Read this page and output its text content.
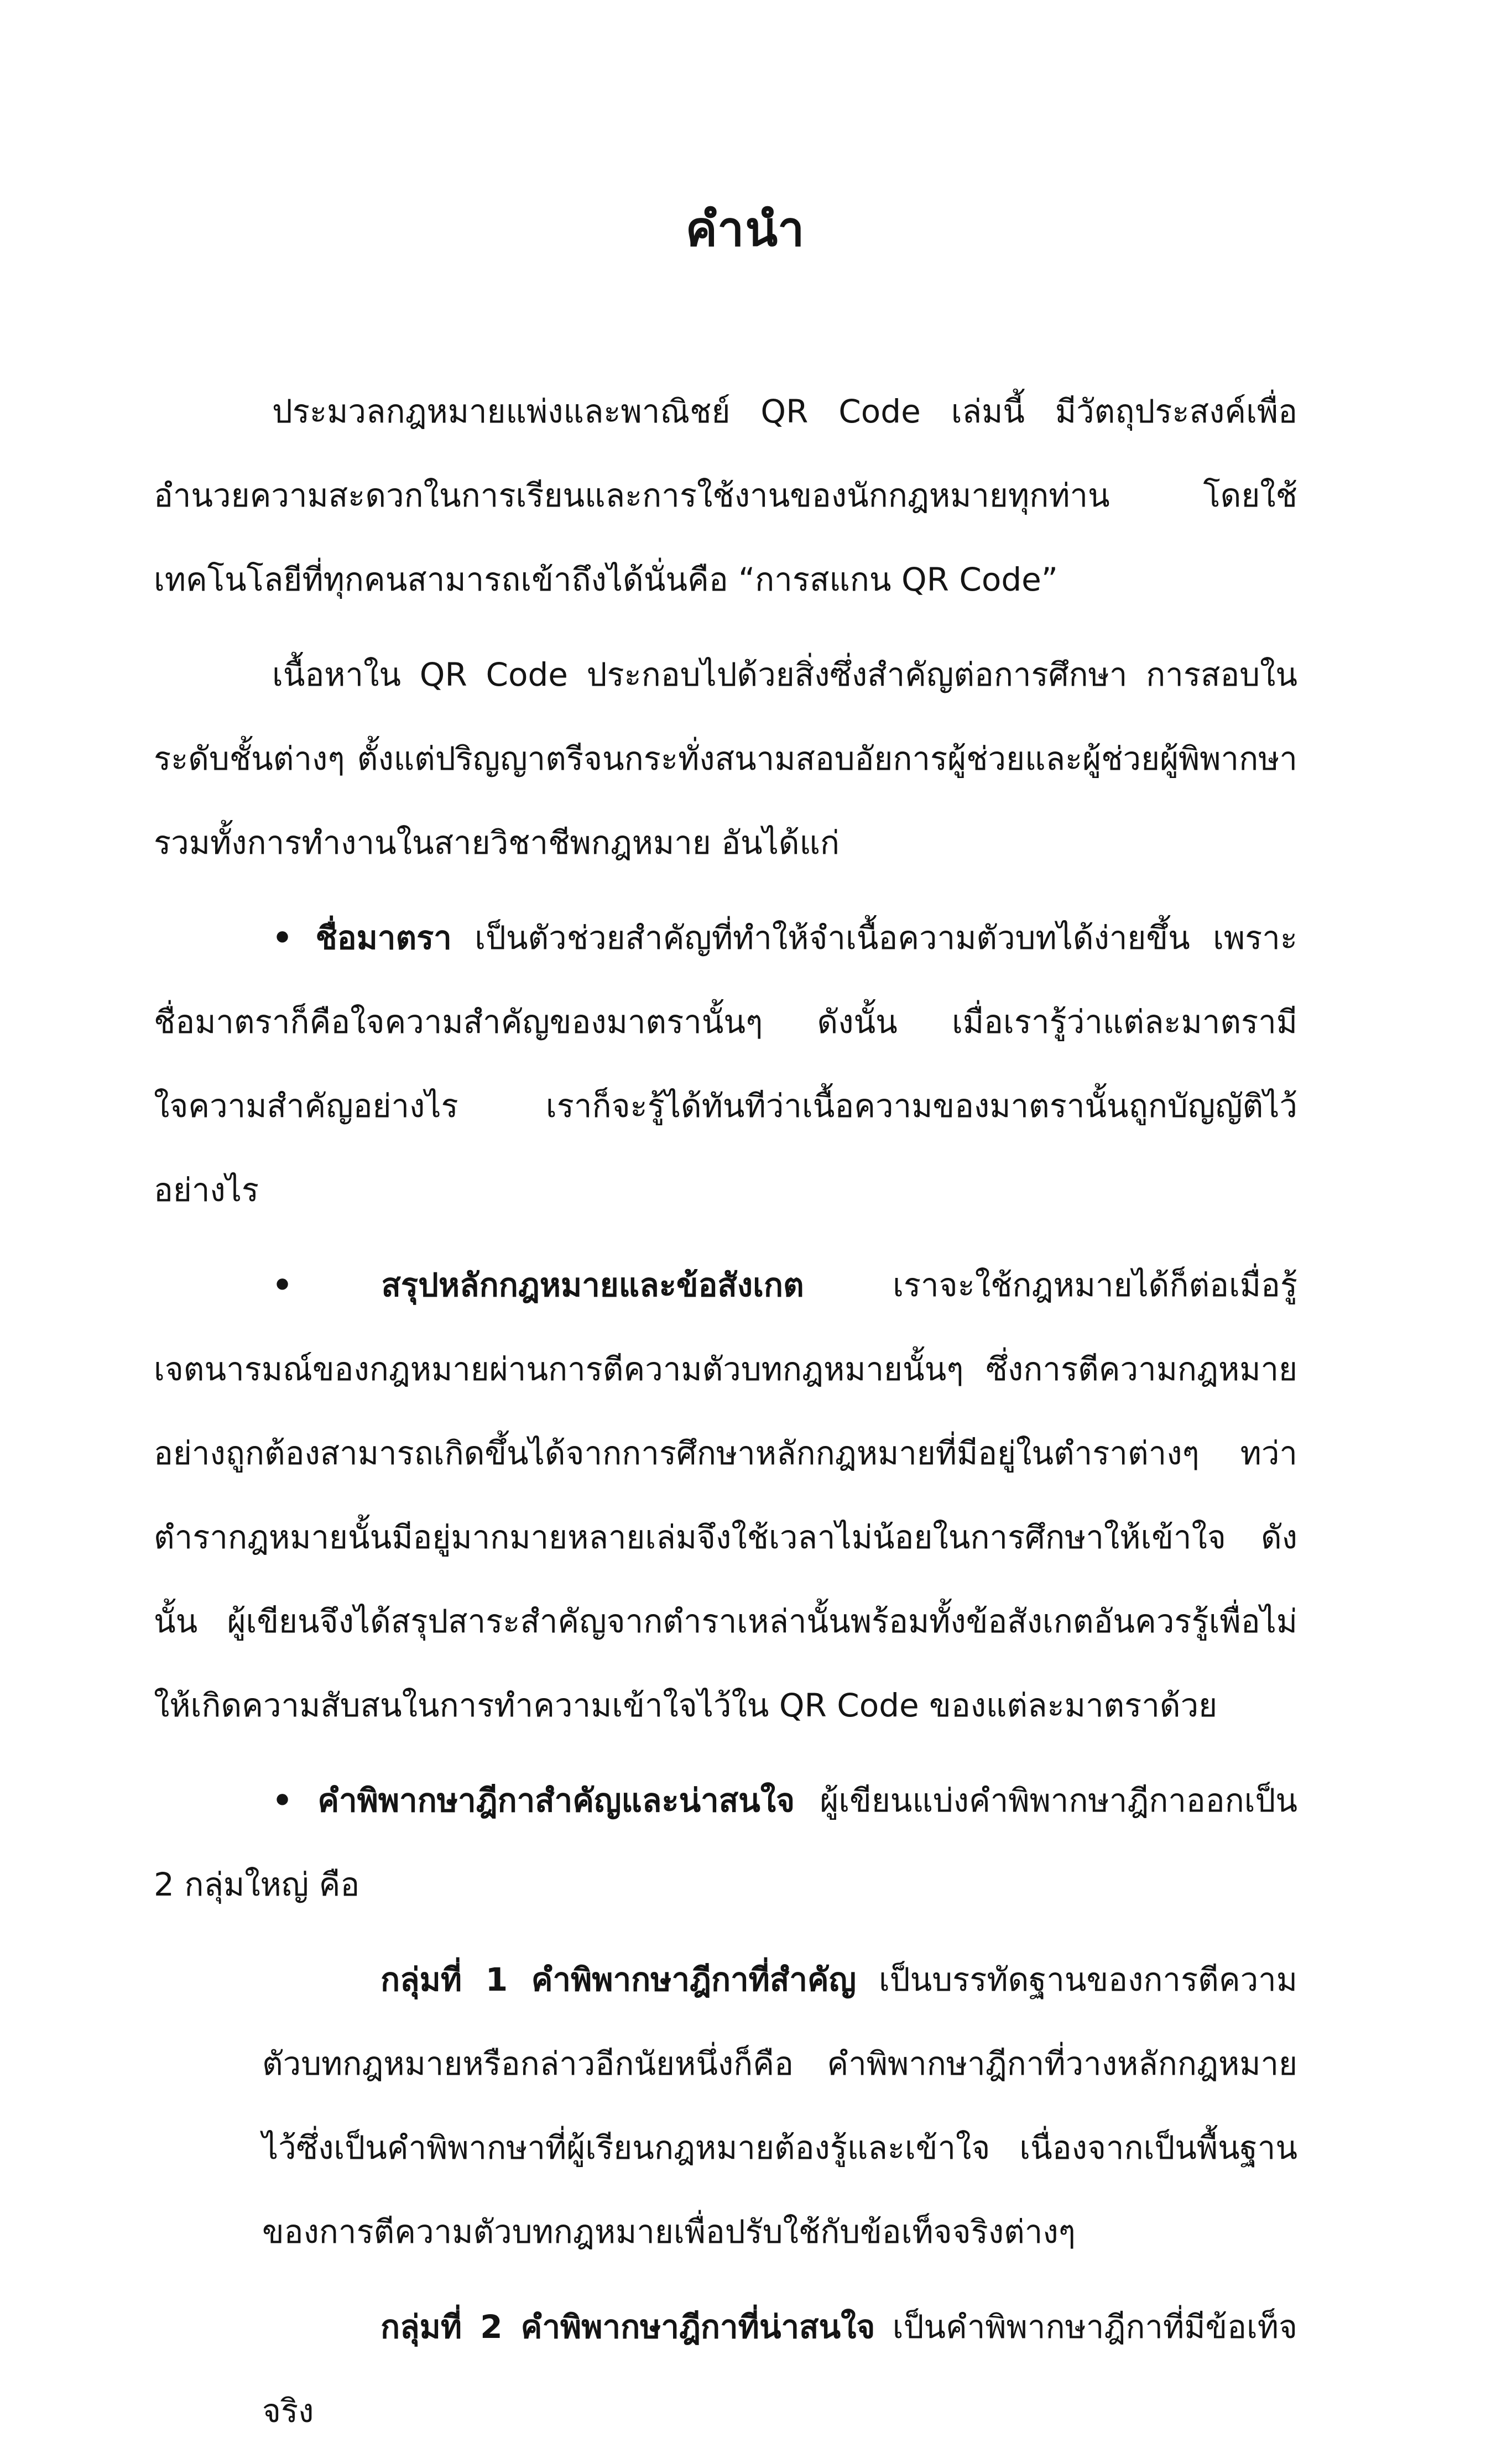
คำนำ

ประมวลกฎหมายแพ่งและพาณิชย์ QR Code เล่มนี้ มีวัตถุประสงค์เพื่ออำนวยความสะดวกในการเรียนและการใช้งานของนักกฎหมายทุกท่าน โดยใช้เทคโนโลยีที่ทุกคนสามารถเข้าถึงได้นั่นคือ “การสแกน QR Code”

เนื้อหาใน QR Code ประกอบไปด้วยสิ่งซึ่งสำคัญต่อการศึกษา การสอบในระดับชั้นต่างๆ ตั้งแต่ปริญญาตรีจนกระทั่งสนามสอบอัยการผู้ช่วยและผู้ช่วยผู้พิพากษา รวมทั้งการทำงานในสายวิชาชีพกฎหมาย อันได้แก่

• ชื่อมาตรา เป็นตัวช่วยสำคัญที่ทำให้จำเนื้อความตัวบทได้ง่ายขึ้น เพราะชื่อมาตราก็คือใจความสำคัญของมาตรานั้นๆ ดังนั้น เมื่อเรารู้ว่าแต่ละมาตรามีใจความสำคัญอย่างไร เราก็จะรู้ได้ทันทีว่าเนื้อความของมาตรานั้นถูกบัญญัติไว้อย่างไร

•	สรุปหลักกฎหมายและข้อสังเกต	เราจะใช้กฎหมายได้ก็ต่อเมื่อรู้เจตนารมณ์ของกฎหมายผ่านการตีความตัวบทกฎหมายนั้นๆ ซึ่งการตีความกฎหมายอย่างถูกต้องสามารถเกิดขึ้นได้จากการศึกษาหลักกฎหมายที่มีอยู่ในตำราต่างๆ ทว่า ตำรากฎหมายนั้นมีอยู่มากมายหลายเล่มจึงใช้เวลาไม่น้อยในการศึกษาให้เข้าใจ ดังนั้น ผู้เขียนจึงได้สรุปสาระสำคัญจากตำราเหล่านั้นพร้อมทั้งข้อสังเกตอันควรรู้เพื่อไม่ให้เกิดความสับสนในการทำความเข้าใจไว้ใน QR Code ของแต่ละมาตราด้วย

• คำพิพากษาฎีกาสำคัญและน่าสนใจ ผู้เขียนแบ่งคำพิพากษาฎีกาออกเป็น 2 กลุ่มใหญ่ คือ

กลุ่มที่ 1 คำพิพากษาฎีกาที่สำคัญ เป็นบรรทัดฐานของการตีความตัวบทกฎหมายหรือกล่าวอีกนัยหนึ่งก็คือ คำพิพากษาฎีกาที่วางหลักกฎหมายไว้ซึ่งเป็นคำพิพากษาที่ผู้เรียนกฎหมายต้องรู้และเข้าใจ เนื่องจากเป็นพื้นฐานของการตีความตัวบทกฎหมายเพื่อปรับใช้กับข้อเท็จจริงต่างๆ

กลุ่มที่ 2 คำพิพากษาฎีกาที่น่าสนใจ เป็นคำพิพากษาฎีกาที่มีข้อเท็จจริง
